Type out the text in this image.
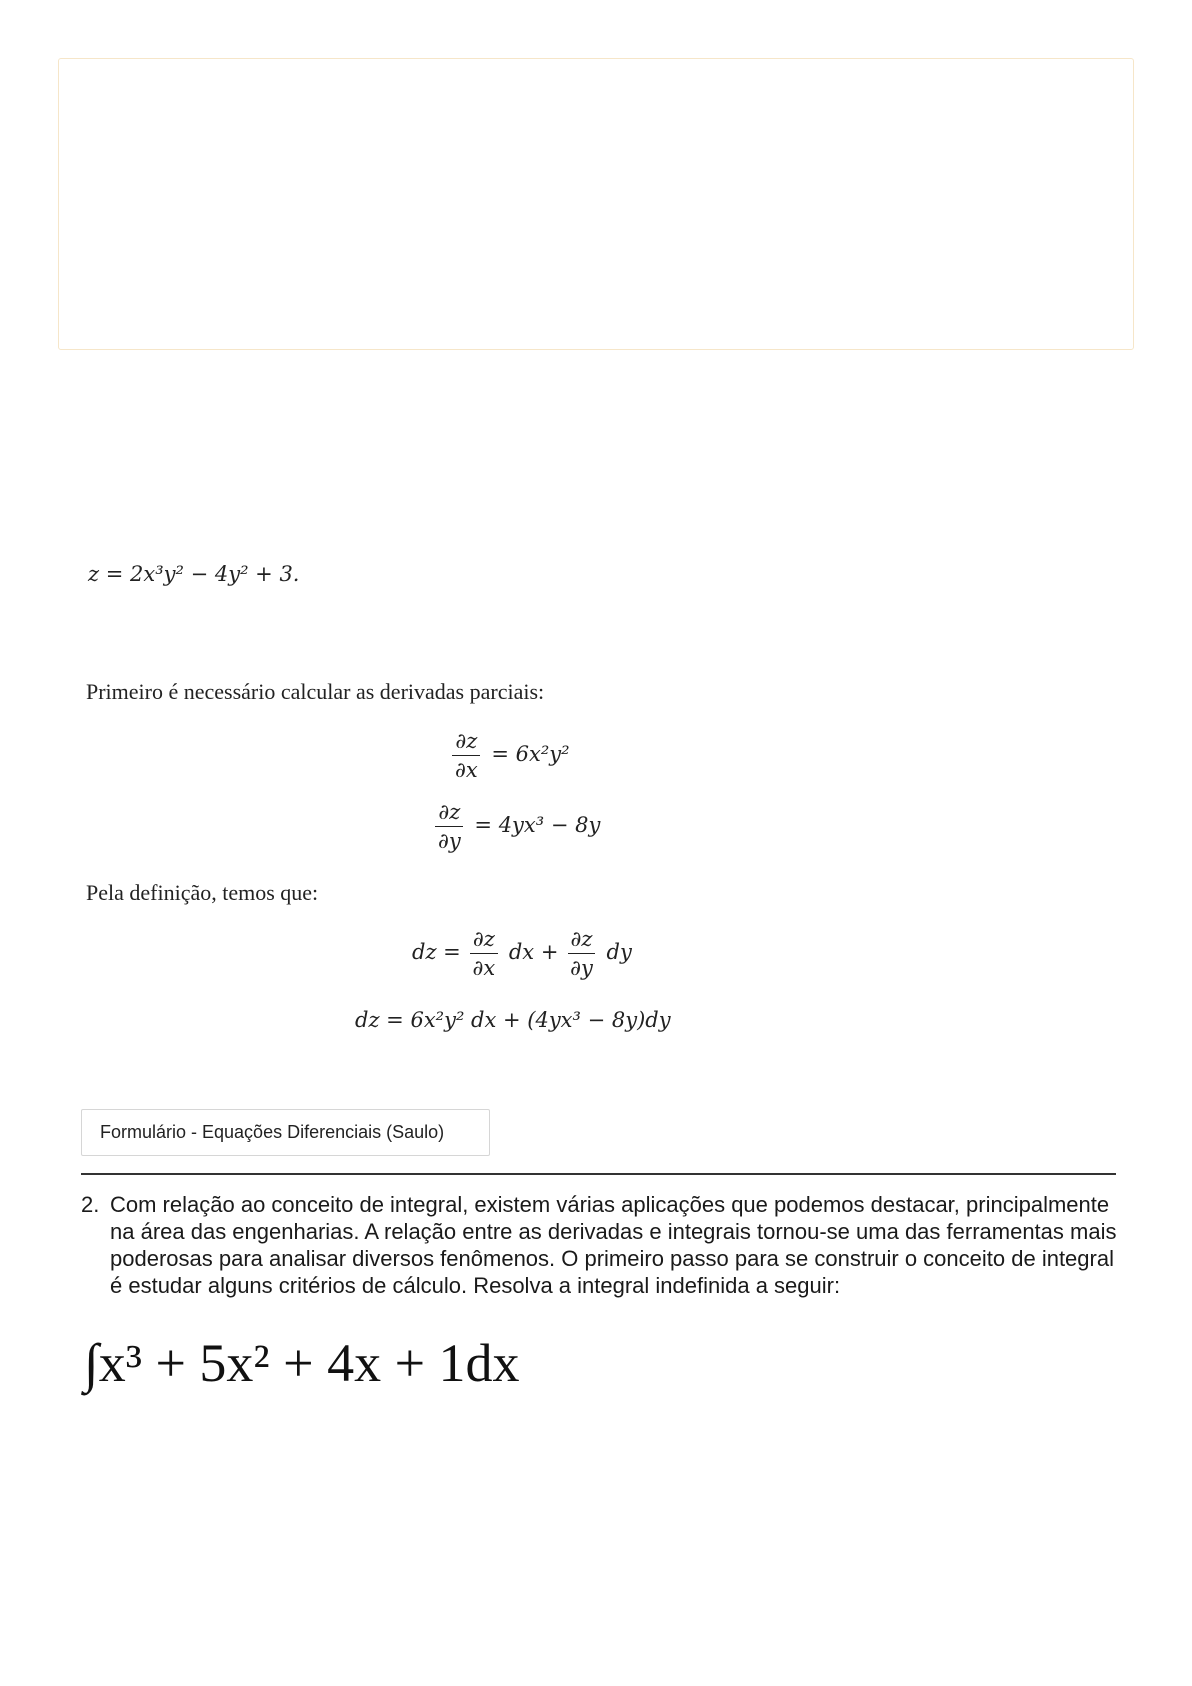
z = 2x³y² − 4y² + 3.
Primeiro é necessário calcular as derivadas parciais:
$\frac{\partial z}{\partial x} = 6x^2y^2$
$\frac{\partial z}{\partial y} = 4yx^3 - 8y$
Pela definição, temos que:
dz = $\frac{\partial z}{\partial x}$ dx + $\frac{\partial z}{\partial y}$ dy
dz = 6x²y² dx + (4yx³ − 8y)dy
Formulário - Equações Diferenciais (Saulo)
2. Com relação ao conceito de integral, existem várias aplicações que podemos destacar, principalmente na área das engenharias. A relação entre as derivadas e integrais tornou-se uma das ferramentas mais poderosas para analisar diversos fenômenos. O primeiro passo para se construir o conceito de integral é estudar alguns critérios de cálculo. Resolva a integral indefinida a seguir:
∫x³ + 5x² + 4x + 1dx
